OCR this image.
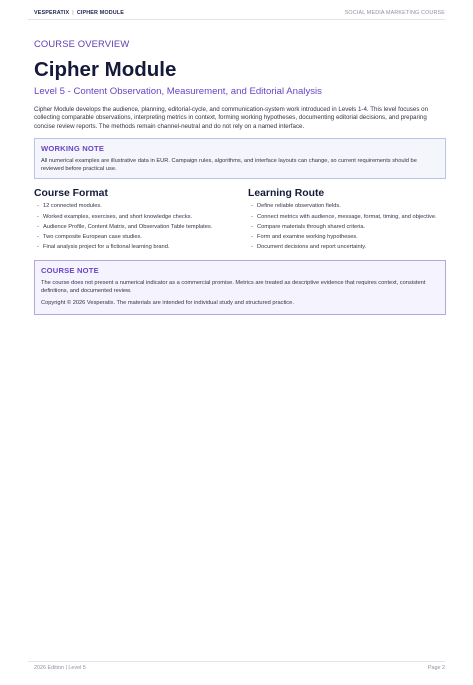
VESPERATIX | CIPHER MODULE	SOCIAL MEDIA MARKETING COURSE
COURSE OVERVIEW
Cipher Module
Level 5 - Content Observation, Measurement, and Editorial Analysis

Cipher Module develops the audience, planning, editorial-cycle, and communication-system work introduced in Levels 1-4. This level focuses on collecting comparable observations, interpreting metrics in context, forming working hypotheses, documenting editorial decisions, and preparing concise review reports. The methods remain channel-neutral and do not rely on a named interface.

WORKING NOTE

All numerical examples are illustrative data in EUR. Campaign rules, algorithms, and interface layouts can change, so current requirements should be reviewed before practical use.

Course Format
- 12 connected modules.
- Worked examples, exercises, and short knowledge checks.
- Audience Profile, Content Matrix, and Observation Table templates.
- Two composite European case studies.
- Final analysis project for a fictional learning brand.
Learning Route
- Define reliable observation fields.
- Connect metrics with audience, message, format, timing, and objective.
- Compare materials through shared criteria.
- Form and examine working hypotheses.
- Document decisions and report uncertainty.
COURSE NOTE

The course does not present a numerical indicator as a commercial promise. Metrics are treated as descriptive evidence that requires context, consistent definitions, and documented review.

Copyright © 2026 Vesperatix. The materials are intended for individual study and structured practice.

2026 Edition | Level 5	Page 2
